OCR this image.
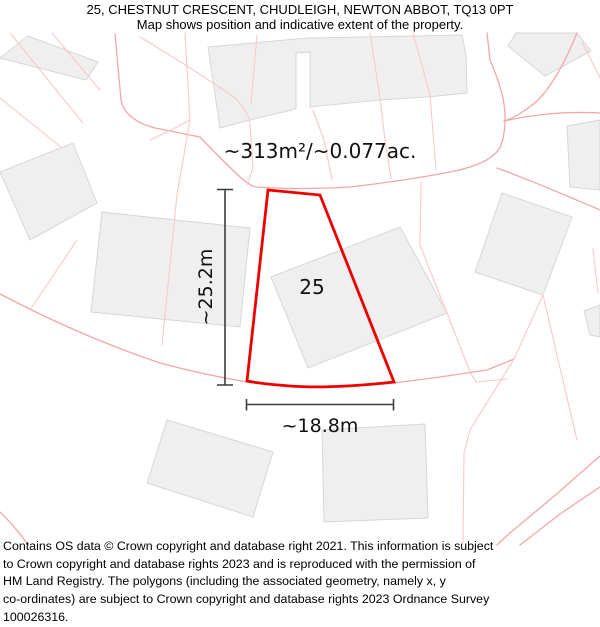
25, CHESTNUT CRESCENT, CHUDLEIGH, NEWTON ABBOT, TQ13 0PT
Map shows position and indicative extent of the property.
~313m²/~0.077ac.
25
~25.2m
~18.8m
Contains OS data © Crown copyright and database right 2021. This information is subject
to Crown copyright and database rights 2023 and is reproduced with the permission of
HM Land Registry. The polygons (including the associated geometry, namely x, y
co-ordinates) are subject to Crown copyright and database rights 2023 Ordnance Survey
100026316.
